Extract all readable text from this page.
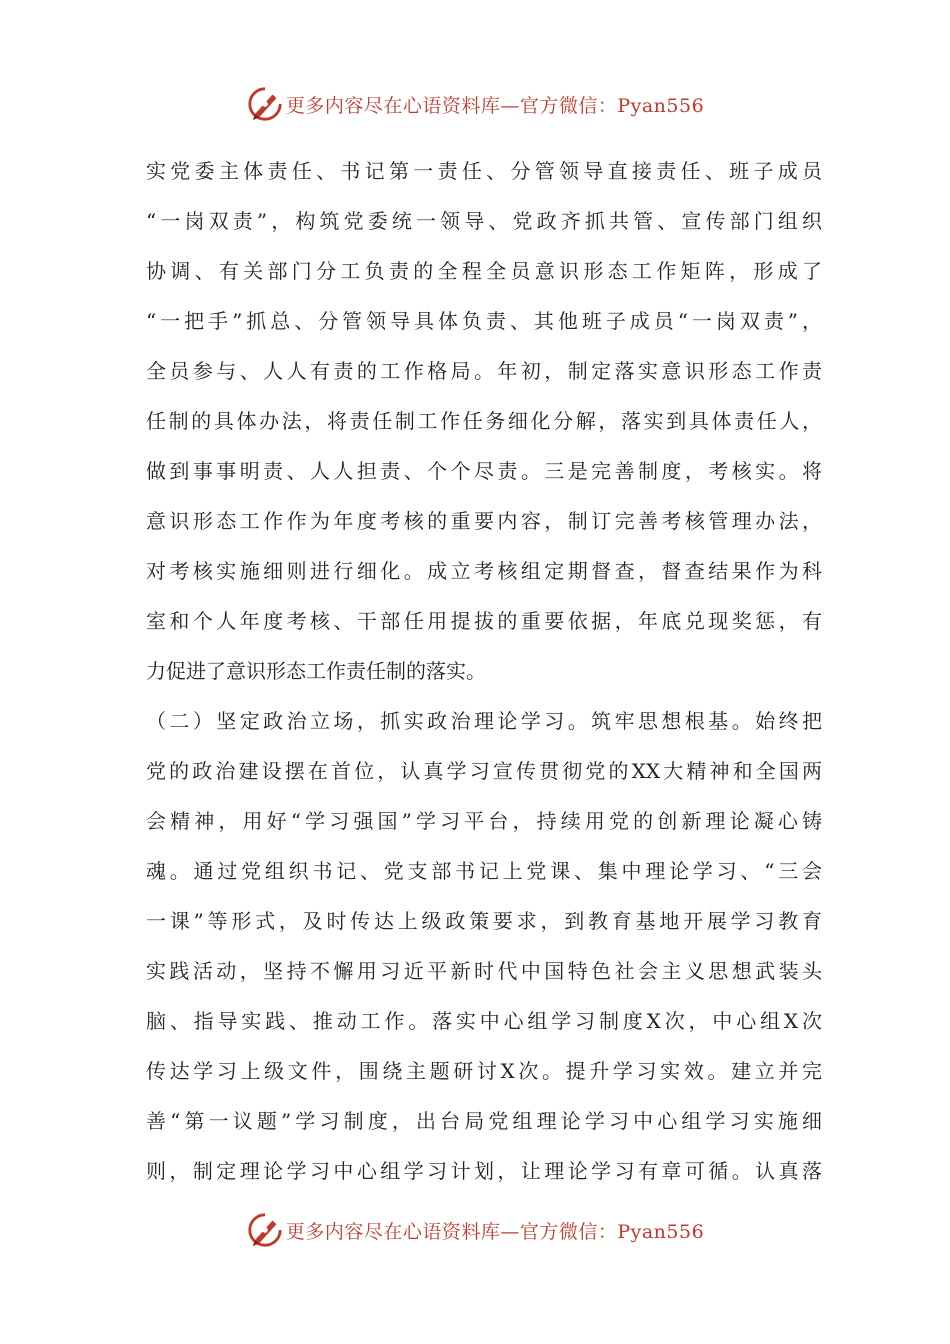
更多内容尽在心语资料库—官方微信：Pyan556
实党委主体责任、书记第一责任、分管领导直接责任、班子成员
“一岗双责”，构筑党委统一领导、党政齐抓共管、宣传部门组织
协调、有关部门分工负责的全程全员意识形态工作矩阵，形成了
“一把手”抓总、分管领导具体负责、其他班子成员“一岗双责”，
全员参与、人人有责的工作格局。年初，制定落实意识形态工作责
任制的具体办法，将责任制工作任务细化分解，落实到具体责任人，
做到事事明责、人人担责、个个尽责。三是完善制度，考核实。将
意识形态工作作为年度考核的重要内容，制订完善考核管理办法，
对考核实施细则进行细化。成立考核组定期督查，督查结果作为科
室和个人年度考核、干部任用提拔的重要依据，年底兑现奖惩，有
力促进了意识形态工作责任制的落实。
（二）坚定政治立场，抓实政治理论学习。筑牢思想根基。始终把
党的政治建设摆在首位，认真学习宣传贯彻党的XX大精神和全国两
会精神，用好“学习强国”学习平台，持续用党的创新理论凝心铸
魂。通过党组织书记、党支部书记上党课、集中理论学习、“三会
一课”等形式，及时传达上级政策要求，到教育基地开展学习教育
实践活动，坚持不懈用习近平新时代中国特色社会主义思想武装头
脑、指导实践、推动工作。落实中心组学习制度X次，中心组X次
传达学习上级文件，围绕主题研讨X次。提升学习实效。建立并完
善“第一议题”学习制度，出台局党组理论学习中心组学习实施细
则，制定理论学习中心组学习计划，让理论学习有章可循。认真落
更多内容尽在心语资料库—官方微信：Pyan556
